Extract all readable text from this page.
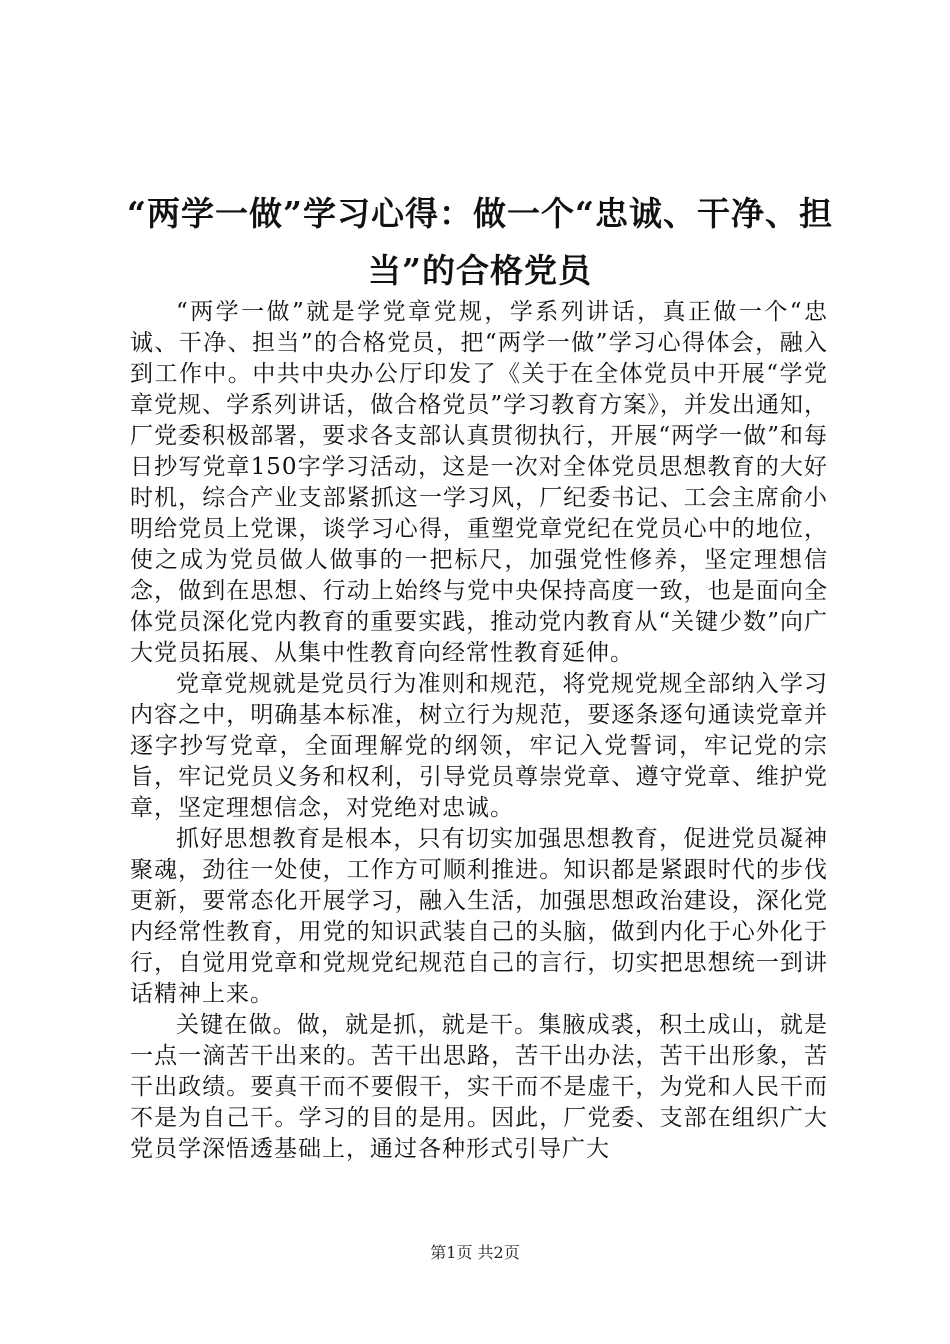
“两学一做”学习心得：做一个“忠诚、干净、担当”的合格党员

“两学一做”就是学党章党规，学系列讲话，真正做一个“忠诚、干净、担当”的合格党员，把“两学一做”学习心得体会，融入到工作中。中共中央办公厅印发了《关于在全体党员中开展“学党章党规、学系列讲话，做合格党员”学习教育方案》，并发出通知，厂党委积极部署，要求各支部认真贯彻执行，开展“两学一做”和每日抄写党章150字学习活动，这是一次对全体党员思想教育的大好时机，综合产业支部紧抓这一学习风，厂纪委书记、工会主席俞小明给党员上党课，谈学习心得，重塑党章党纪在党员心中的地位，使之成为党员做人做事的一把标尺，加强党性修养，坚定理想信念，做到在思想、行动上始终与党中央保持高度一致，也是面向全体党员深化党内教育的重要实践，推动党内教育从“关键少数”向广大党员拓展、从集中性教育向经常性教育延伸。

党章党规就是党员行为准则和规范，将党规党规全部纳入学习内容之中，明确基本标准，树立行为规范，要逐条逐句通读党章并逐字抄写党章，全面理解党的纲领，牢记入党誓词，牢记党的宗旨，牢记党员义务和权利，引导党员尊崇党章、遵守党章、维护党章，坚定理想信念，对党绝对忠诚。

抓好思想教育是根本，只有切实加强思想教育，促进党员凝神聚魂，劲往一处使，工作方可顺利推进。知识都是紧跟时代的步伐更新，要常态化开展学习，融入生活，加强思想政治建设，深化党内经常性教育，用党的知识武装自己的头脑，做到内化于心外化于行，自觉用党章和党规党纪规范自己的言行，切实把思想统一到讲话精神上来。

关键在做。做，就是抓，就是干。集腋成裘，积土成山，就是一点一滴苦干出来的。苦干出思路，苦干出办法，苦干出形象，苦干出政绩。要真干而不要假干，实干而不是虚干，为党和人民干而不是为自己干。学习的目的是用。因此，厂党委、支部在组织广大党员学深悟透基础上，通过各种形式引导广大

第1页 共2页
